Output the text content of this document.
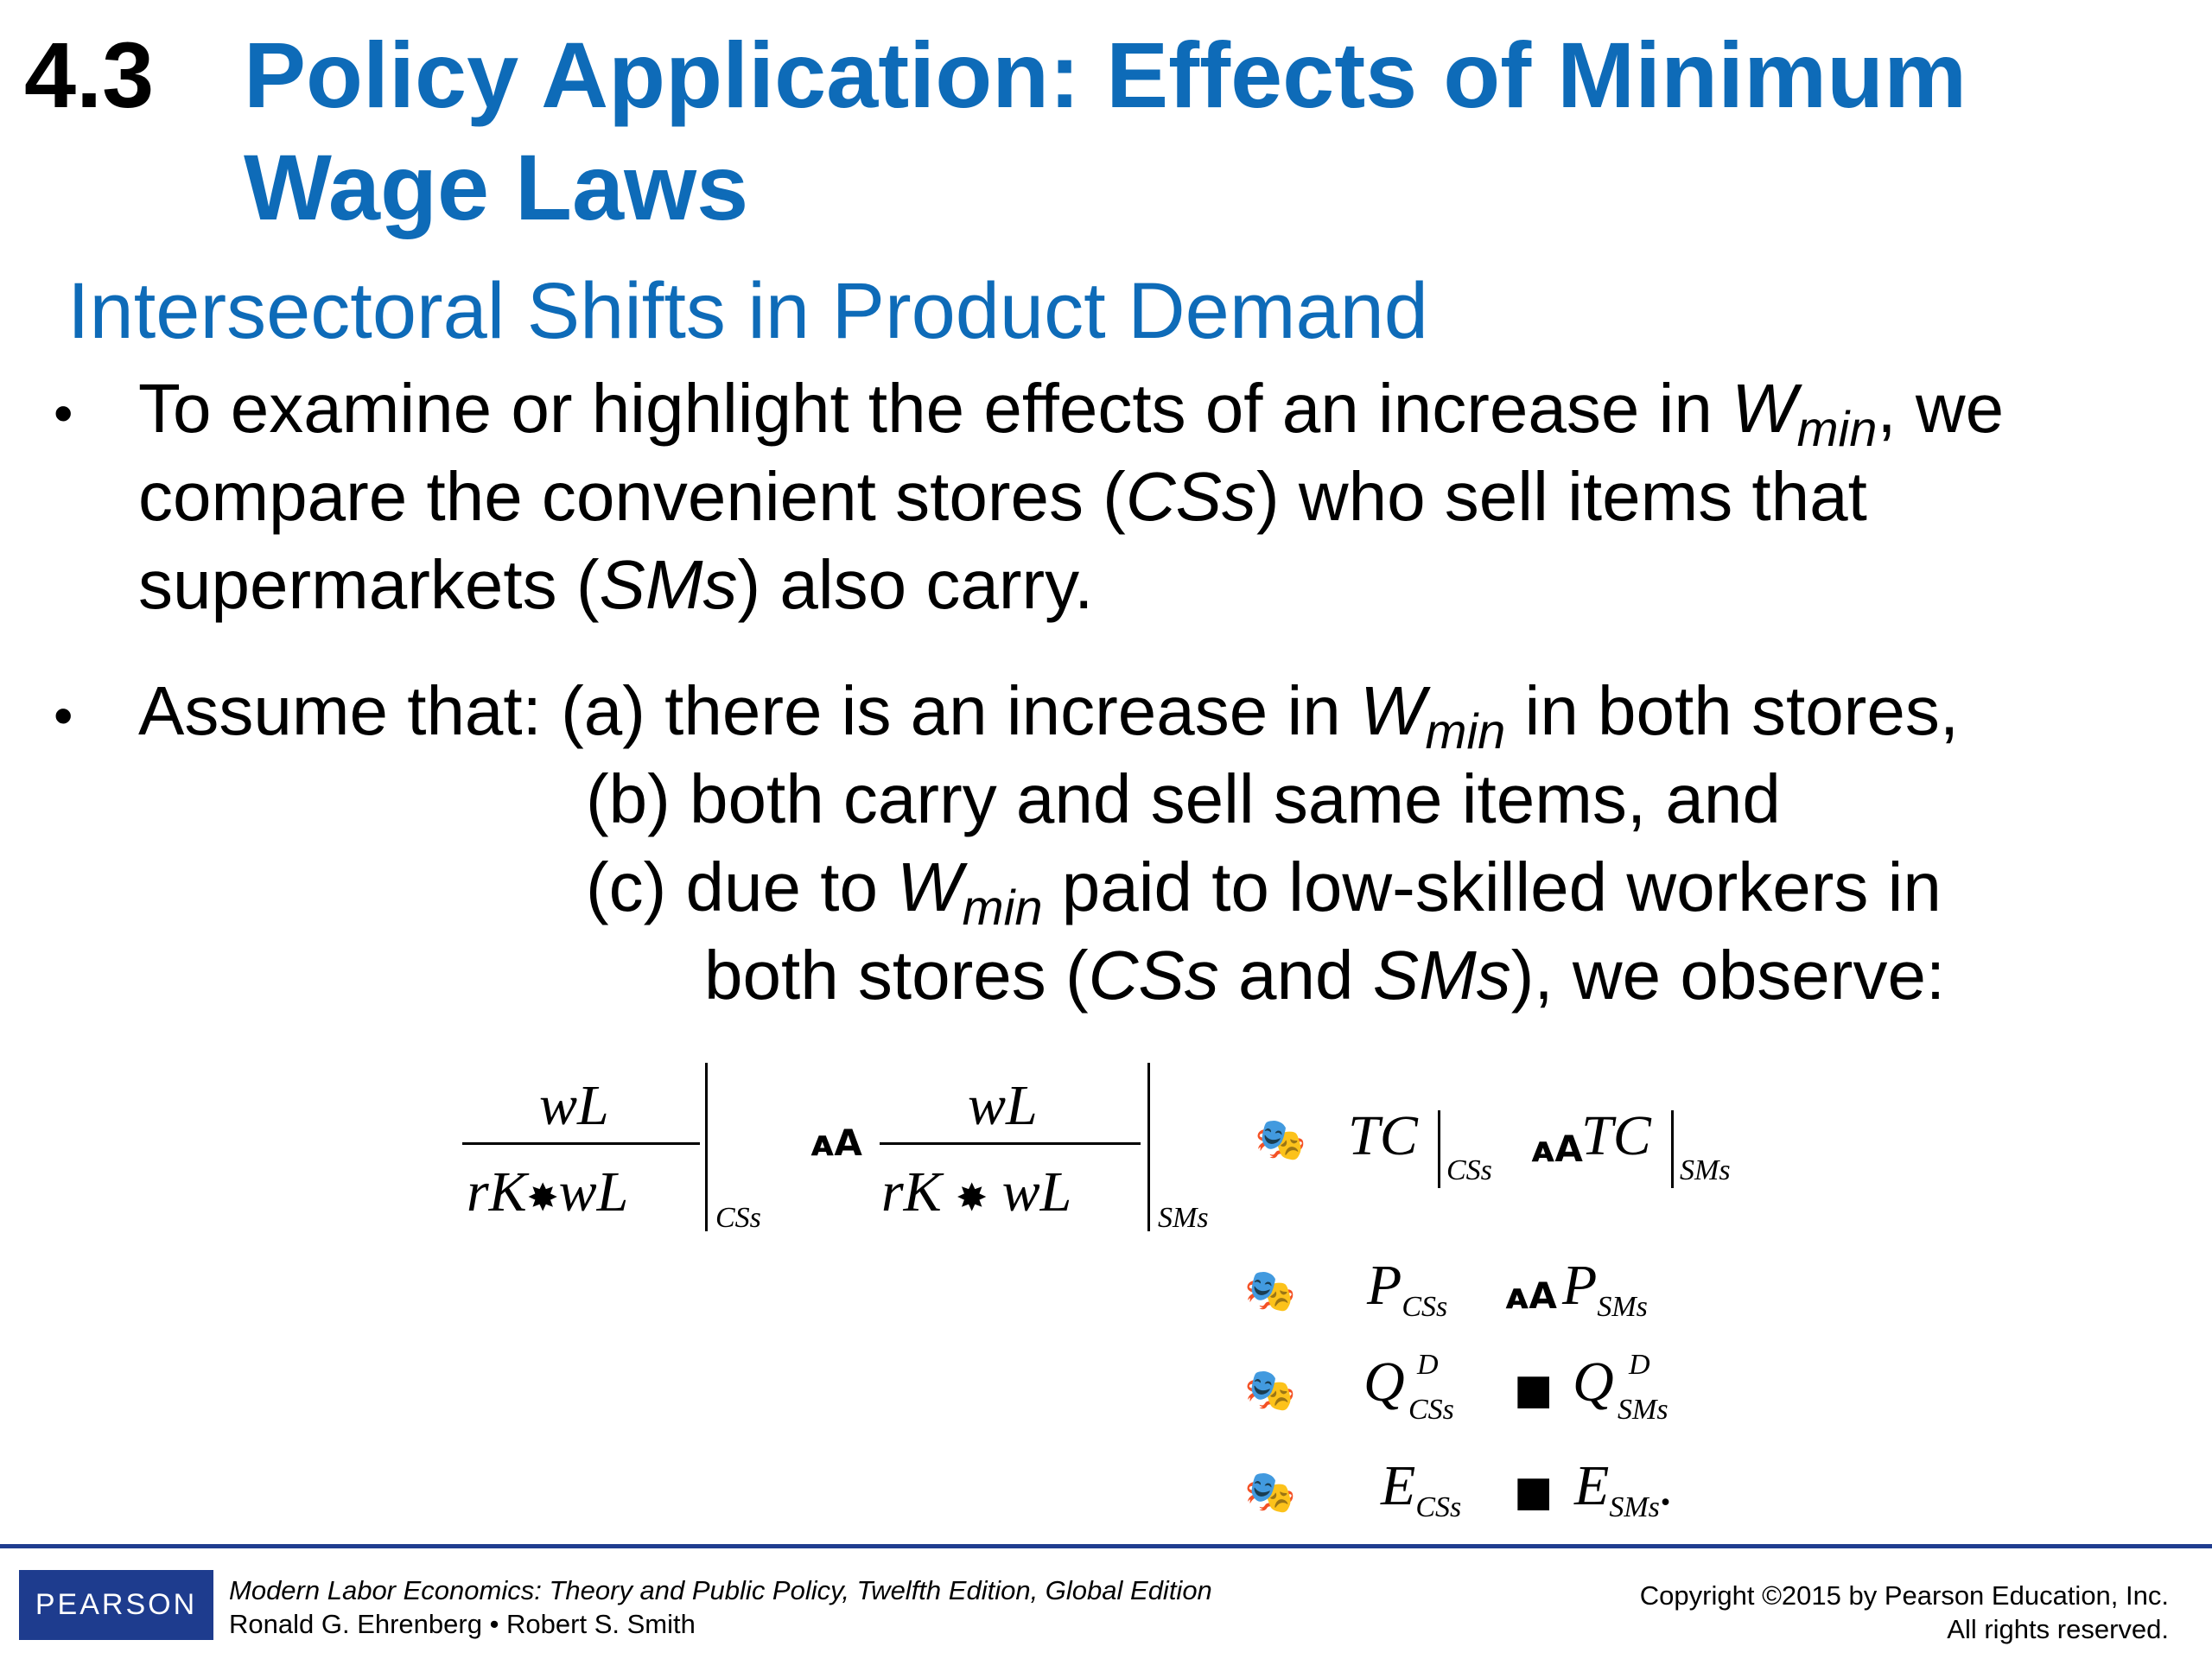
4.3 Policy Application: Effects of Minimum
Wage Laws
Intersectoral Shifts in Product Demand
• To examine or highlight the effects of an increase in $W_{min}$, we
compare the convenient stores (CSs) who sell items that
supermarkets (SMs) also carry.
• Assume that: (a) there is an increase in $W_{min}$ in both stores,
(b) both carry and sell same items, and
(c) due to $W_{min}$ paid to low-skilled workers in
both stores (CSs and SMs), we observe:
wL
rK✸wL	CSs
ᴀA
wL
rK ✸ wL	SMs
🎭 TC
CSs
ᴀA
TC
SMs
🎭 $P_{CSs}$ ᴀA $P_{SMs}$
🎭 Q D
CSs ■ Q D
SMs
🎭 $E_{CSs}$ ■ $E_{SMs}$.
PEARSON	Modern Labor Economics: Theory and Public Policy, Twelfth Edition, Global Edition
Ronald G. Ehrenberg • Robert S. Smith
Copyright ©2015 by Pearson Education, Inc.
All rights reserved.
